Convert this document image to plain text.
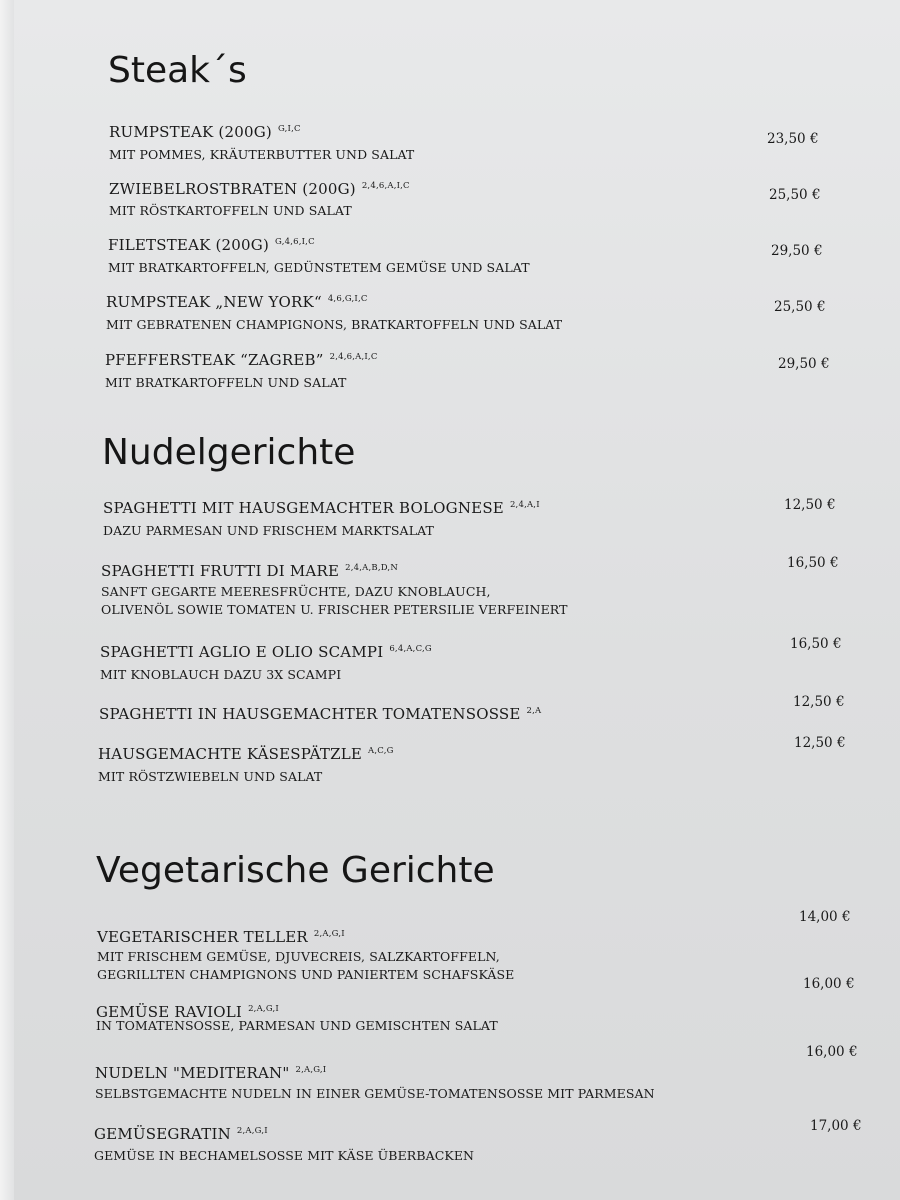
Steak´s
RUMPSTEAK (200G) $^{G,I,C}$
MIT POMMES, KRÄUTERBUTTER UND SALAT
23,50 €
ZWIEBELROSTBRATEN (200G) $^{2,4,6,A,I,C}$
MIT RÖSTKARTOFFELN UND SALAT
25,50 €
FILETSTEAK (200G) $^{G,4,6,I,C}$
MIT BRATKARTOFFELN, GEDÜNSTETEM GEMÜSE UND SALAT
29,50 €
RUMPSTEAK „NEW YORK“ $^{4,6,G,I,C}$
MIT GEBRATENEN CHAMPIGNONS, BRATKARTOFFELN UND SALAT
25,50 €
PFEFFERSTEAK “ZAGREB” $^{2,4,6,A,I,C}$
MIT BRATKARTOFFELN UND SALAT
29,50 €
Nudelgerichte
SPAGHETTI MIT HAUSGEMACHTER BOLOGNESE $^{2,4,A,I}$
DAZU PARMESAN UND FRISCHEM MARKTSALAT
12,50 €
SPAGHETTI FRUTTI DI MARE $^{2,4,A,B,D,N}$
SANFT GEGARTE MEERESFRÜCHTE, DAZU KNOBLAUCH,
OLIVENÖL SOWIE TOMATEN U. FRISCHER PETERSILIE VERFEINERT
16,50 €
SPAGHETTI AGLIO E OLIO SCAMPI $^{6,4,A,C,G}$
MIT KNOBLAUCH DAZU 3X SCAMPI
16,50 €
SPAGHETTI IN HAUSGEMACHTER TOMATENSOSSE $^{2,A}$
12,50 €
HAUSGEMACHTE KÄSESPÄTZLE $^{A,C,G}$
MIT RÖSTZWIEBELN UND SALAT
12,50 €
Vegetarische Gerichte
VEGETARISCHER TELLER $^{2,A,G,I}$
MIT FRISCHEM GEMÜSE, DJUVECREIS, SALZKARTOFFELN,
GEGRILLTEN CHAMPIGNONS UND PANIERTEM SCHAFSKÄSE
14,00 €
GEMÜSE RAVIOLI $^{2,A,G,I}$
IN TOMATENSOSSE, PARMESAN UND GEMISCHTEN SALAT
16,00 €
NUDELN "MEDITERAN" $^{2,A,G,I}$
SELBSTGEMACHTE NUDELN IN EINER GEMÜSE-TOMATENSOSSE MIT PARMESAN
16,00 €
GEMÜSEGRATIN $^{2,A,G,I}$
GEMÜSE IN BECHAMELSOSSE MIT KÄSE ÜBERBACKEN
17,00 €
